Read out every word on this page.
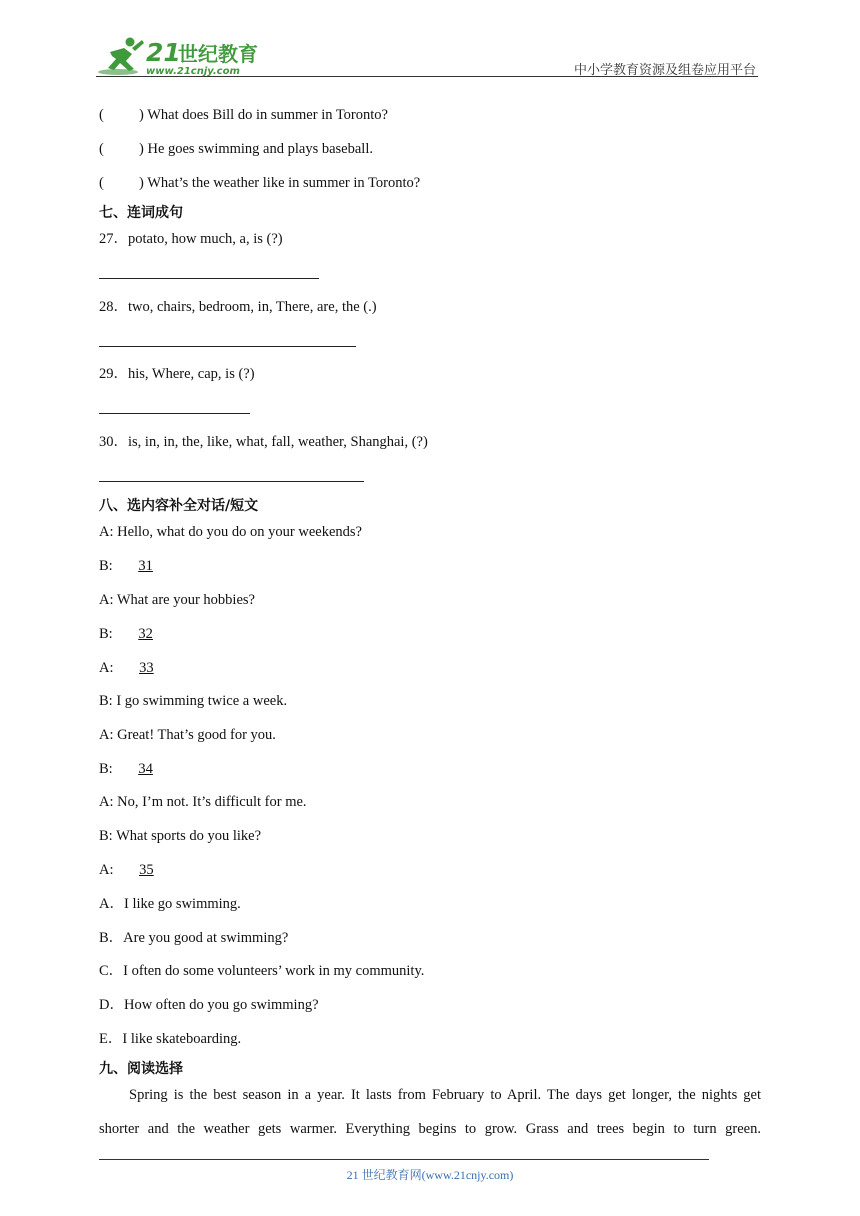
21
世纪教育
www.21cnjy.com	中小学教育资源及组卷应用平台
( ) What does Bill do in summer in Toronto?
( ) He goes swimming and plays baseball.
( ) What’s the weather like in summer in Toronto?
七、连词成句
27．potato, how much, a, is (?)
28．two, chairs, bedroom, in, There, are, the (.)
29．his, Where, cap, is (?)
30．is, in, in, the, like, what, fall, weather, Shanghai, (?)
八、选内容补全对话/短文
A: Hello, what do you do on your weekends?
B: 31
A: What are your hobbies?
B: 32
A: 33
B: I go swimming twice a week.
A: Great! That’s good for you.
B: 34
A: No, I’m not. It’s difficult for me.
B: What sports do you like?
A: 35
A．I like go swimming.
B．Are you good at swimming?
C．I often do some volunteers’ work in my community.
D．How often do you go swimming?
E．I like skateboarding.
九、阅读选择
Spring is the best season in a year. It lasts from February to April. The days get longer, the nights get
shorter and the weather gets warmer. Everything begins to grow. Grass and trees begin to turn green.
21 世纪教育网(www.21cnjy.com)
